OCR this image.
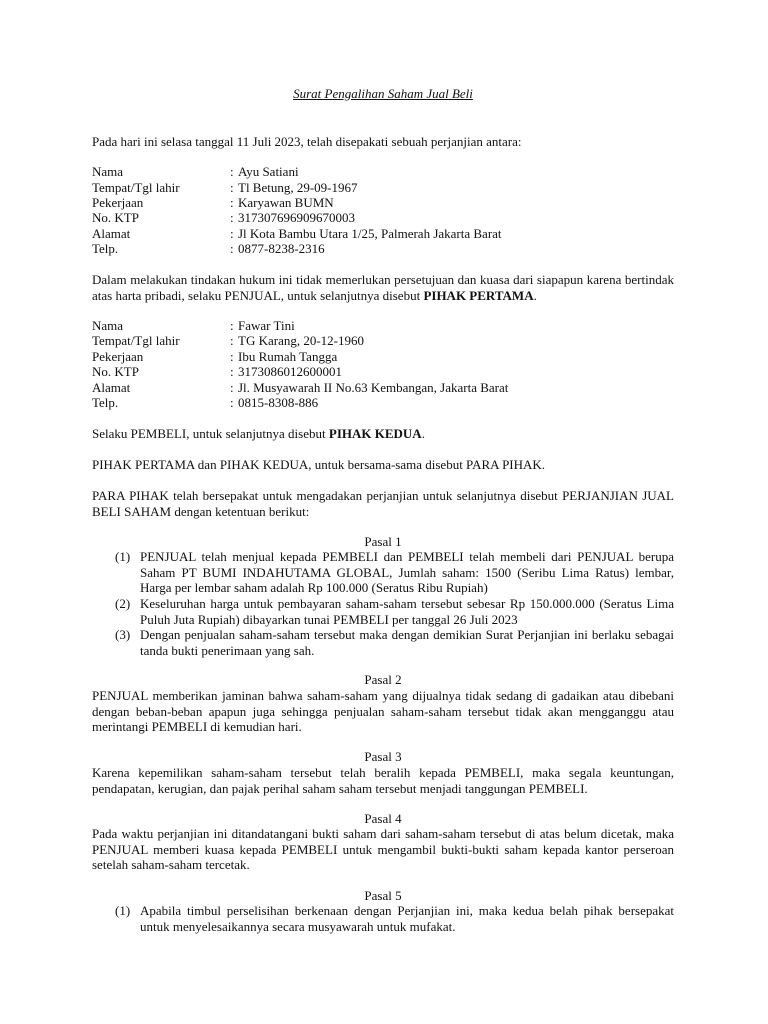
Surat Pengalihan Saham Jual Beli
Pada hari ini selasa tanggal 11 Juli 2023, telah disepakati sebuah perjanjian antara:
Nama	: Ayu Satiani
Tempat/Tgl lahir	: Tl Betung, 29-09-1967
Pekerjaan	: Karyawan BUMN
No. KTP	: 317307696909670003
Alamat	: Jl Kota Bambu Utara 1/25, Palmerah Jakarta Barat
Telp.	: 0877-8238-2316
Dalam melakukan tindakan hukum ini tidak memerlukan persetujuan dan kuasa dari siapapun karena bertindak atas harta pribadi, selaku PENJUAL, untuk selanjutnya disebut PIHAK PERTAMA.
Nama	: Fawar Tini
Tempat/Tgl lahir	: TG Karang, 20-12-1960
Pekerjaan	: Ibu Rumah Tangga
No. KTP	: 3173086012600001
Alamat	: Jl. Musyawarah II No.63 Kembangan, Jakarta Barat
Telp.	: 0815-8308-886
Selaku PEMBELI, untuk selanjutnya disebut PIHAK KEDUA.
PIHAK PERTAMA dan PIHAK KEDUA, untuk bersama-sama disebut PARA PIHAK.
PARA PIHAK telah bersepakat untuk mengadakan perjanjian untuk selanjutnya disebut PERJANJIAN JUAL BELI SAHAM dengan ketentuan berikut:
Pasal 1
(1) PENJUAL telah menjual kepada PEMBELI dan PEMBELI telah membeli dari PENJUAL berupa Saham PT BUMI INDAHUTAMA GLOBAL, Jumlah saham: 1500 (Seribu Lima Ratus) lembar, Harga per lembar saham adalah Rp 100.000 (Seratus Ribu Rupiah)
(2) Keseluruhan harga untuk pembayaran saham-saham tersebut sebesar Rp 150.000.000 (Seratus Lima Puluh Juta Rupiah) dibayarkan tunai PEMBELI per tanggal 26 Juli 2023
(3) Dengan penjualan saham-saham tersebut maka dengan demikian Surat Perjanjian ini berlaku sebagai tanda bukti penerimaan yang sah.
Pasal 2
PENJUAL memberikan jaminan bahwa saham-saham yang dijualnya tidak sedang di gadaikan atau dibebani dengan beban-beban apapun juga sehingga penjualan saham-saham tersebut tidak akan mengganggu atau merintangi PEMBELI di kemudian hari.
Pasal 3
Karena kepemilikan saham-saham tersebut telah beralih kepada PEMBELI, maka segala keuntungan, pendapatan, kerugian, dan pajak perihal saham saham tersebut menjadi tanggungan PEMBELI.
Pasal 4
Pada waktu perjanjian ini ditandatangani bukti saham dari saham-saham tersebut di atas belum dicetak, maka PENJUAL memberi kuasa kepada PEMBELI untuk mengambil bukti-bukti saham kepada kantor perseroan setelah saham-saham tercetak.
Pasal 5
(1) Apabila timbul perselisihan berkenaan dengan Perjanjian ini, maka kedua belah pihak bersepakat untuk menyelesaikannya secara musyawarah untuk mufakat.
